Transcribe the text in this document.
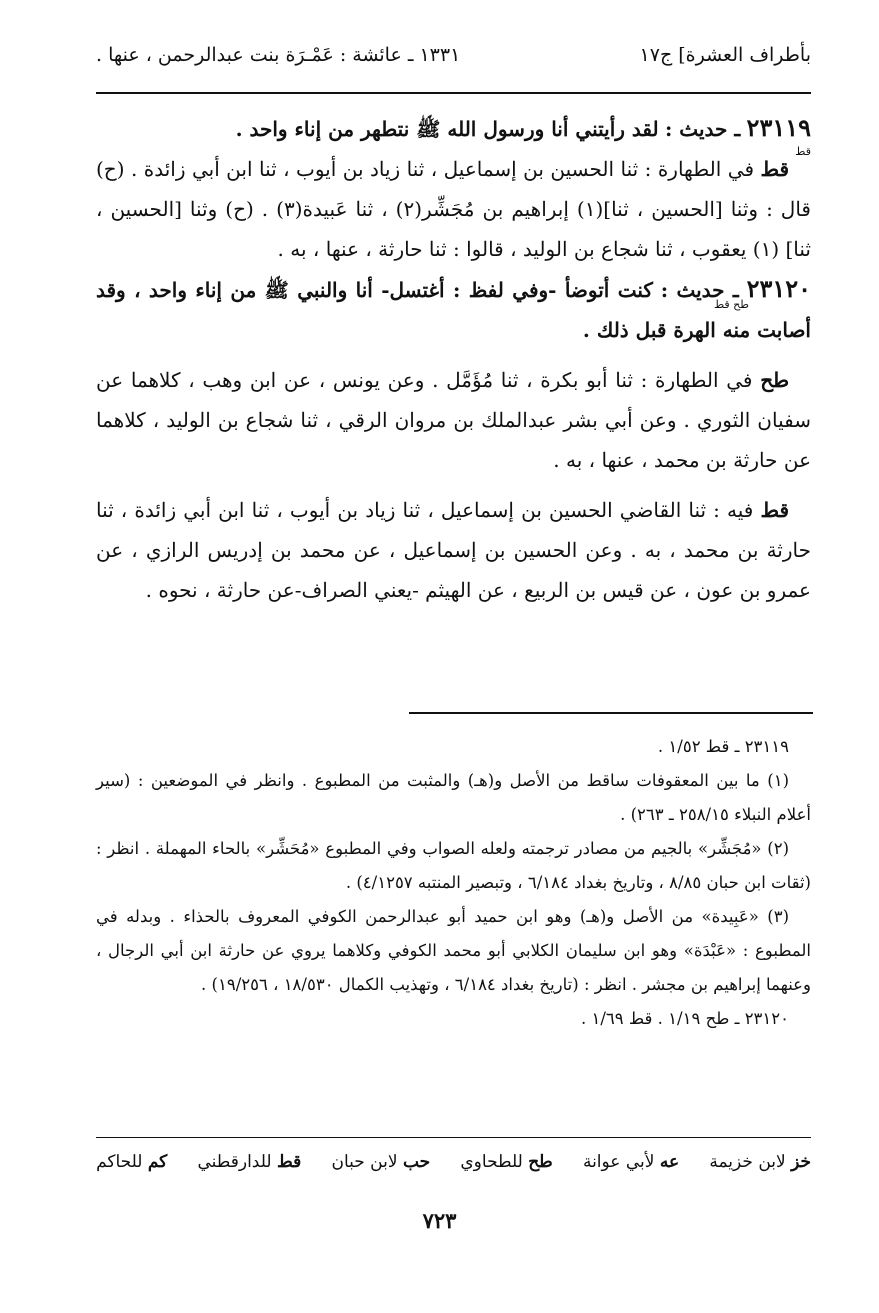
بأطراف العشرة] ج١٧
١٣٣١ ـ عائشة : عَمْـرَة بنت عبدالرحمن ، عنها .
٢٣١١٩ ـ حديث : لقد رأيتني أنا ورسول الله ﷺ نتطهر من إناء واحد .
قط

قط في الطهارة : ثنا الحسين بن إسماعيل ، ثنا زياد بن أيوب ، ثنا ابن أبي زائدة . (ح) قال : وثنا [الحسين ، ثنا](١) إبراهيم بن مُجَشِّر(٢) ، ثنا عَبيدة(٣) . (ح) وثنا [الحسين ، ثنا] (١) يعقوب ، ثنا شجاع بن الوليد ، قالوا : ثنا حارثة ، عنها ، به .

٢٣١٢٠ ـ حديث : كنت أتوضأ -وفي لفظ : أغتسل- أنا والنبي ﷺ من إناء واحد ، وقد أصابت منه الهرة قبل ذلك .
طح قط

طح في الطهارة : ثنا أبو بكرة ، ثنا مُؤَمَّل . وعن يونس ، عن ابن وهب ، كلاهما عن سفيان الثوري . وعن أبي بشر عبدالملك بن مروان الرقي ، ثنا شجاع بن الوليد ، كلاهما عن حارثة بن محمد ، عنها ، به .

قط فيه : ثنا القاضي الحسين بن إسماعيل ، ثنا زياد بن أيوب ، ثنا ابن أبي زائدة ، ثنا حارثة بن محمد ، به . وعن الحسين بن إسماعيل ، عن محمد بن إدريس الرازي ، عن عمرو بن عون ، عن قيس بن الربيع ، عن الهيثم -يعني الصراف-عن حارثة ، نحوه .

٢٣١١٩ ـ قط ١/٥٢ .

(١) ما بين المعقوفات ساقط من الأصل و(هـ) والمثبت من المطبوع . وانظر في الموضعين : (سير أعلام النبلاء ٢٥٨/١٥ ـ ٢٦٣) .

(٢) «مُجَشِّر» بالجيم من مصادر ترجمته ولعله الصواب وفي المطبوع «مُحَشِّر» بالحاء المهملة . انظر : (ثقات ابن حبان ٨/٨٥ ، وتاريخ بغداد ٦/١٨٤ ، وتبصير المنتبه ٤/١٢٥٧) .

(٣) «عَبِيدة» من الأصل و(هـ) وهو ابن حميد أبو عبدالرحمن الكوفي المعروف بالحذاء . وبدله في المطبوع : «عَبْدَة» وهو ابن سليمان الكلابي أبو محمد الكوفي وكلاهما يروي عن حارثة ابن أبي الرجال ، وعنهما إبراهيم بن مجشر . انظر : (تاريخ بغداد ٦/١٨٤ ، وتهذيب الكمال ١٨/٥٣٠ ، ١٩/٢٥٦) .

٢٣١٢٠ ـ طح ١/١٩ . قط ١/٦٩ .

خز لابن خزيمة
عه لأبي عوانة
طح للطحاوي
حب لابن حبان
قط للدارقطني
كم للحاكم
٧٢٣
